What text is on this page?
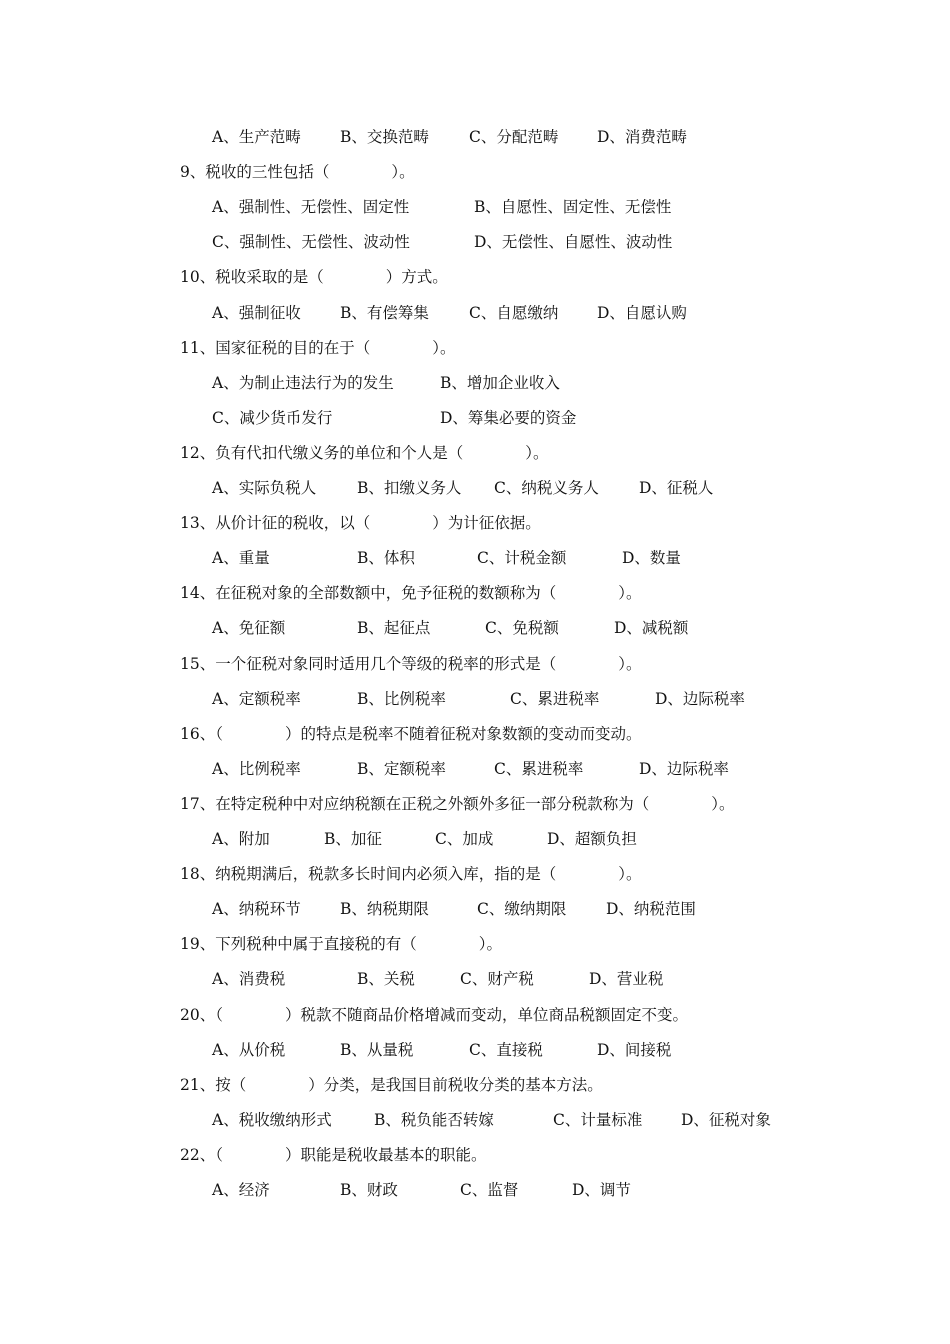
A、生产范畴	B、交换范畴	C、分配范畴 D、消费范畴
9、税收的三性包括（　　　　）。
A、强制性、无偿性、固定性	B、自愿性、固定性、无偿性
C、强制性、无偿性、波动性	D、无偿性、自愿性、波动性
10、税收采取的是（　　　　）方式。
A、强制征收	B、有偿筹集	C、自愿缴纳 D、自愿认购
11、国家征税的目的在于（　　　　）。
A、为制止违法行为的发生	B、增加企业收入
C、减少货币发行	D、筹集必要的资金
12、负有代扣代缴义务的单位和个人是（　　　　）。
A、实际负税人	B、扣缴义务人 C、纳税义务人	D、征税人
13、从价计征的税收，以（　　　　）为计征依据。
A、重量	B、体积	C、计税金额	D、数量
14、在征税对象的全部数额中，免予征税的数额称为（　　　　）。
A、免征额	B、起征点	C、免税额	D、减税额
15、一个征税对象同时适用几个等级的税率的形式是（　　　　）。
A、定额税率	B、比例税率	C、累进税率	D、边际税率
16、（　　　　）的特点是税率不随着征税对象数额的变动而变动。
A、比例税率	B、定额税率	C、累进税率	D、边际税率
17、在特定税种中对应纳税额在正税之外额外多征一部分税款称为（　　　　）。
A、附加	B、加征	C、加成	D、超额负担
18、纳税期满后，税款多长时间内必须入库，指的是（　　　　）。
A、纳税环节	B、纳税期限	C、缴纳期限	D、纳税范围
19、下列税种中属于直接税的有（　　　　）。
A、消费税	B、关税	C、财产税	D、营业税
20、（　　　　）税款不随商品价格增减而变动，单位商品税额固定不变。
A、从价税	B、从量税	C、直接税	D、间接税
21、按（　　　　）分类，是我国目前税收分类的基本方法。
A、税收缴纳形式	B、税负能否转嫁	C、计量标准 D、征税对象
22、（　　　　）职能是税收最基本的职能。
A、经济	B、财政	C、监督	D、调节
